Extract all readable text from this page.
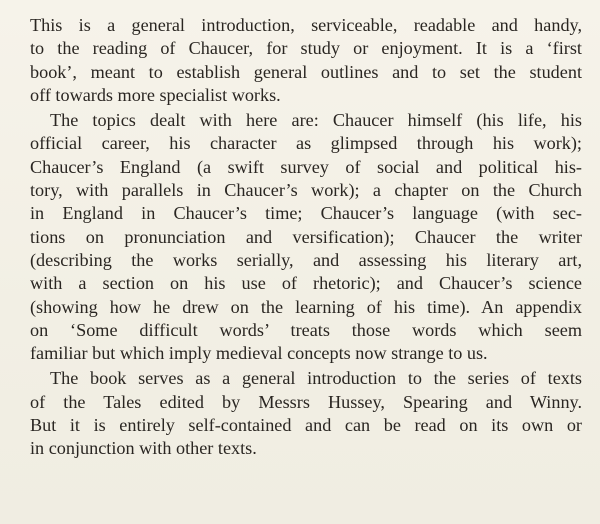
This is a general introduction, serviceable, readable and handy,
to the reading of Chaucer, for study or enjoyment. It is a ‘first
book’, meant to establish general outlines and to set the student
off towards more specialist works.

The topics dealt with here are: Chaucer himself (his life, his
official career, his character as glimpsed through his work);
Chaucer’s England (a swift survey of social and political his-
tory, with parallels in Chaucer’s work); a chapter on the Church
in England in Chaucer’s time; Chaucer’s language (with sec-
tions on pronunciation and versification); Chaucer the writer
(describing the works serially, and assessing his literary art,
with a section on his use of rhetoric); and Chaucer’s science
(showing how he drew on the learning of his time). An appendix
on ‘Some difficult words’ treats those words which seem
familiar but which imply medieval concepts now strange to us.

The book serves as a general introduction to the series of texts
of the Tales edited by Messrs Hussey, Spearing and Winny.
But it is entirely self-contained and can be read on its own or
in conjunction with other texts.
